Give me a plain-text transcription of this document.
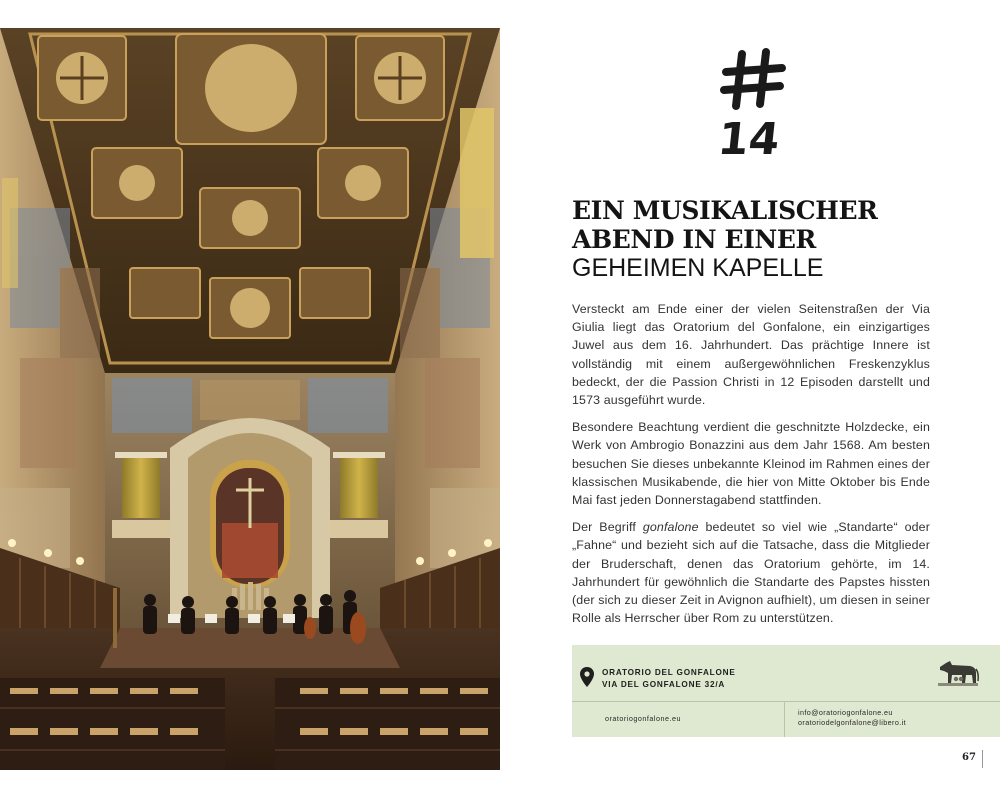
14
EIN MUSIKALISCHER
ABEND IN EINER
GEHEIMEN KAPELLE

Versteckt am Ende einer der vielen Seitenstraßen der Via Giulia liegt das Oratorium del Gonfalone, ein einzigartiges Juwel aus dem 16. Jahrhundert. Das prächtige Innere ist vollständig mit einem außergewöhnlichen Freskenzyklus bedeckt, der die Passion Christi in 12 Episoden darstellt und 1573 ausgeführt wurde.

Besondere Beachtung verdient die geschnitzte Holzdecke, ein Werk von Ambrogio Bonazzini aus dem Jahr 1568. Am besten besuchen Sie dieses unbekannte Kleinod im Rahmen eines der klassischen Musikabende, die hier von Mitte Oktober bis Ende Mai fast jeden Donnerstagabend stattfinden.

Der Begriff gonfalone bedeutet so viel wie „Standarte“ oder „Fahne“ und bezieht sich auf die Tatsache, dass die Mitglieder der Bruderschaft, denen das Oratorium gehörte, im 14. Jahrhundert für gewöhnlich die Standarte des Papstes hissten (der sich zu dieser Zeit in Avignon aufhielt), um diesen in seiner Rolle als Herrscher über Rom zu unterstützen.

ORATORIO DEL GONFALONE
VIA DEL GONFALONE 32/A
oratoriogonfalone.eu
info@oratoriogonfalone.eu
oratoriodelgonfalone@libero.it
67
